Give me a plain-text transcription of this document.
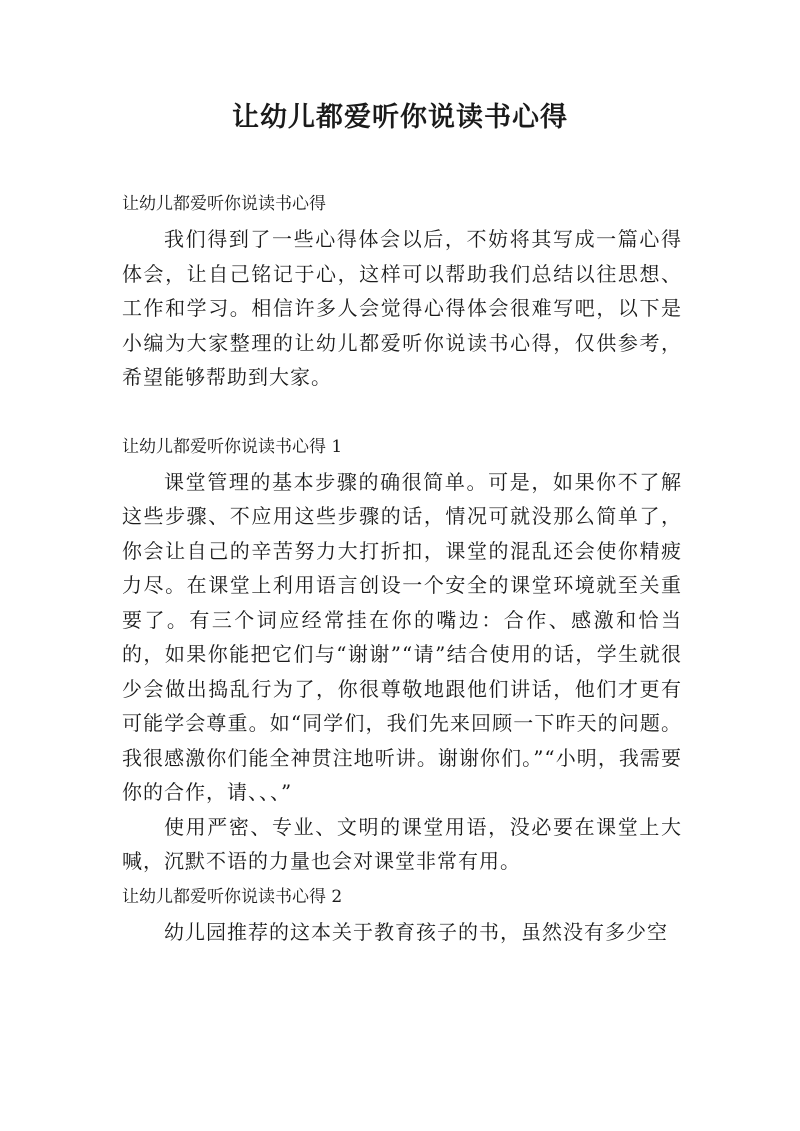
让幼儿都爱听你说读书心得
让幼儿都爱听你说读书心得
我们得到了一些心得体会以后，不妨将其写成一篇心得体会，让自己铭记于心，这样可以帮助我们总结以往思想、工作和学习。相信许多人会觉得心得体会很难写吧，以下是小编为大家整理的让幼儿都爱听你说读书心得，仅供参考，希望能够帮助到大家。
让幼儿都爱听你说读书心得 1
课堂管理的基本步骤的确很简单。可是，如果你不了解这些步骤、不应用这些步骤的话，情况可就没那么简单了，你会让自己的辛苦努力大打折扣，课堂的混乱还会使你精疲力尽。在课堂上利用语言创设一个安全的课堂环境就至关重要了。有三个词应经常挂在你的嘴边：合作、感激和恰当的，如果你能把它们与“谢谢”“请”结合使用的话，学生就很少会做出捣乱行为了，你很尊敬地跟他们讲话，他们才更有可能学会尊重。如“同学们，我们先来回顾一下昨天的问题。我很感激你们能全神贯注地听讲。谢谢你们。”“小明，我需要你的合作，请、、、”
使用严密、专业、文明的课堂用语，没必要在课堂上大喊，沉默不语的力量也会对课堂非常有用。
让幼儿都爱听你说读书心得 2
幼儿园推荐的这本关于教育孩子的书，虽然没有多少空
